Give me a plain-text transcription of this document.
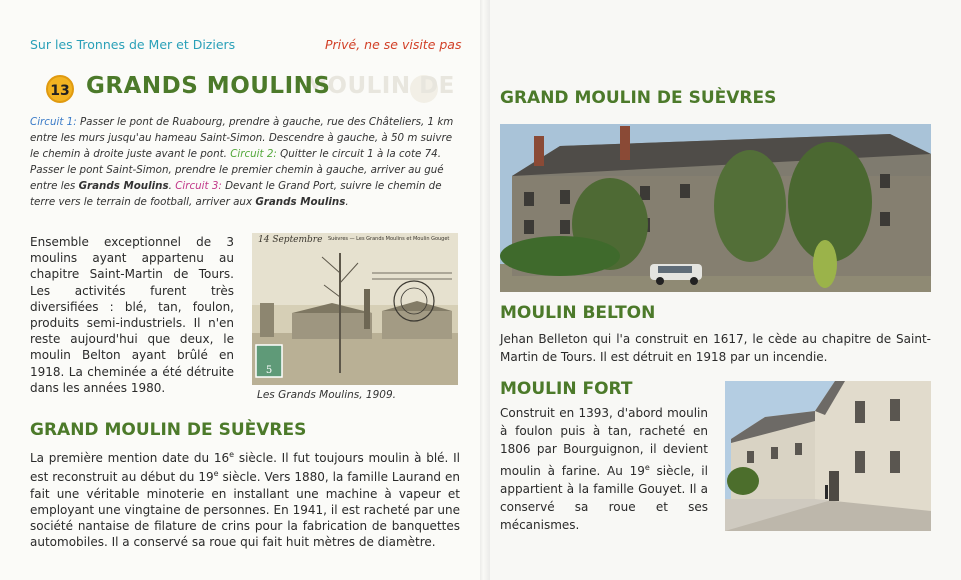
Sur les Tronnes de Mer et Diziers	Privé, ne se visite pas
MOULIN DE
13 GRANDS MOULINS
Circuit 1: Passer le pont de Ruabourg, prendre à gauche, rue des Châteliers, 1 km entre les murs jusqu'au hameau Saint-Simon. Descendre à gauche, à 50 m suivre le chemin à droite juste avant le pont. Circuit 2: Quitter le circuit 1 à la cote 74. Passer le pont Saint-Simon, prendre le premier chemin à gauche, arriver au gué entre les Grands Moulins. Circuit 3: Devant le Grand Port, suivre le chemin de terre vers le terrain de football, arriver aux Grands Moulins.
Ensemble exceptionnel de 3 moulins ayant appartenu au chapitre Saint-Martin de Tours. Les activités furent très diversifiées : blé, tan, foulon, produits semi-industriels. Il n'en reste aujourd'hui que deux, le moulin Belton ayant brûlé en 1918. La cheminée a été détruite dans les années 1980.
5
14 Septembre Suèvres — Les Grands Moulins et Moulin Gouget
Les Grands Moulins, 1909.
GRAND MOULIN DE SUÈVRES
La première mention date du 16e siècle. Il fut toujours moulin à blé. Il est reconstruit au début du 19e siècle. Vers 1880, la famille Laurand en fait une véritable minoterie en installant une machine à vapeur et employant une vingtaine de personnes. En 1941, il est racheté par une société nantaise de filature de crins pour la fabrication de banquettes automobiles. Il a conservé sa roue qui fait huit mètres de diamètre.
GRAND MOULIN DE SUÈVRES
MOULIN BELTON
Jehan Belleton qui l'a construit en 1617, le cède au chapitre de Saint-Martin de Tours. Il est détruit en 1918 par un incendie.
MOULIN FORT
Construit en 1393, d'abord moulin à foulon puis à tan, racheté en 1806 par Bourguignon, il devient moulin à farine. Au 19e siècle, il appartient à la famille Gouyet. Il a conservé sa roue et ses mécanismes.
